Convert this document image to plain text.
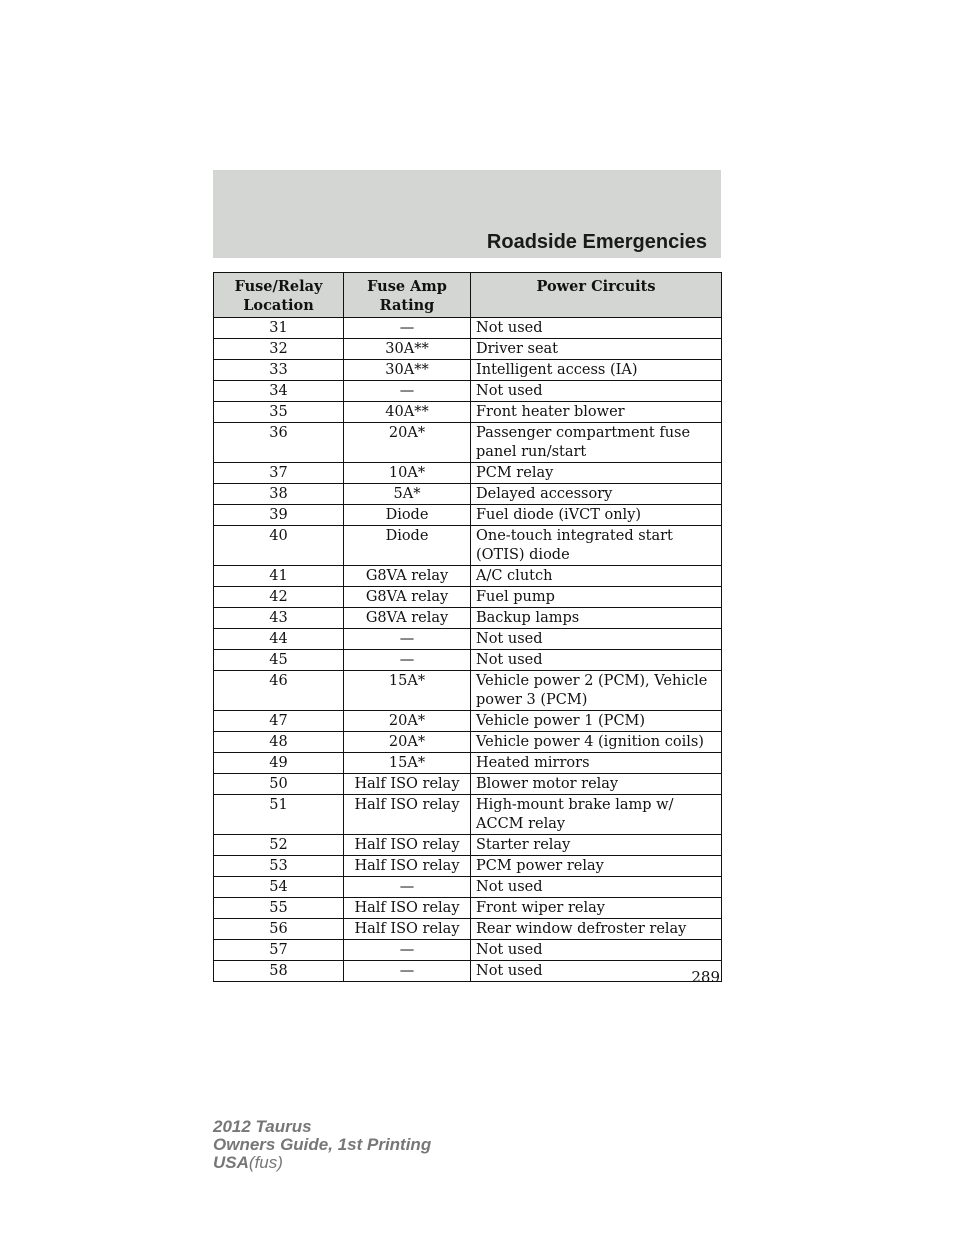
Roadside Emergencies
Fuse/Relay Location	Fuse Amp Rating	Power Circuits
31	—	Not used
32	30A**	Driver seat
33	30A**	Intelligent access (IA)
34	—	Not used
35	40A**	Front heater blower
36	20A*	Passenger compartment fuse panel run/start
37	10A*	PCM relay
38	5A*	Delayed accessory
39	Diode	Fuel diode (iVCT only)
40	Diode	One-touch integrated start (OTIS) diode
41	G8VA relay	A/C clutch
42	G8VA relay	Fuel pump
43	G8VA relay	Backup lamps
44	—	Not used
45	—	Not used
46	15A*	Vehicle power 2 (PCM), Vehicle power 3 (PCM)
47	20A*	Vehicle power 1 (PCM)
48	20A*	Vehicle power 4 (ignition coils)
49	15A*	Heated mirrors
50	Half ISO relay	Blower motor relay
51	Half ISO relay	High-mount brake lamp w/ ACCM relay
52	Half ISO relay	Starter relay
53	Half ISO relay	PCM power relay
54	—	Not used
55	Half ISO relay	Front wiper relay
56	Half ISO relay	Rear window defroster relay
57	—	Not used
58	—	Not used	289
2012 Taurus
Owners Guide, 1st Printing
USA(fus)
